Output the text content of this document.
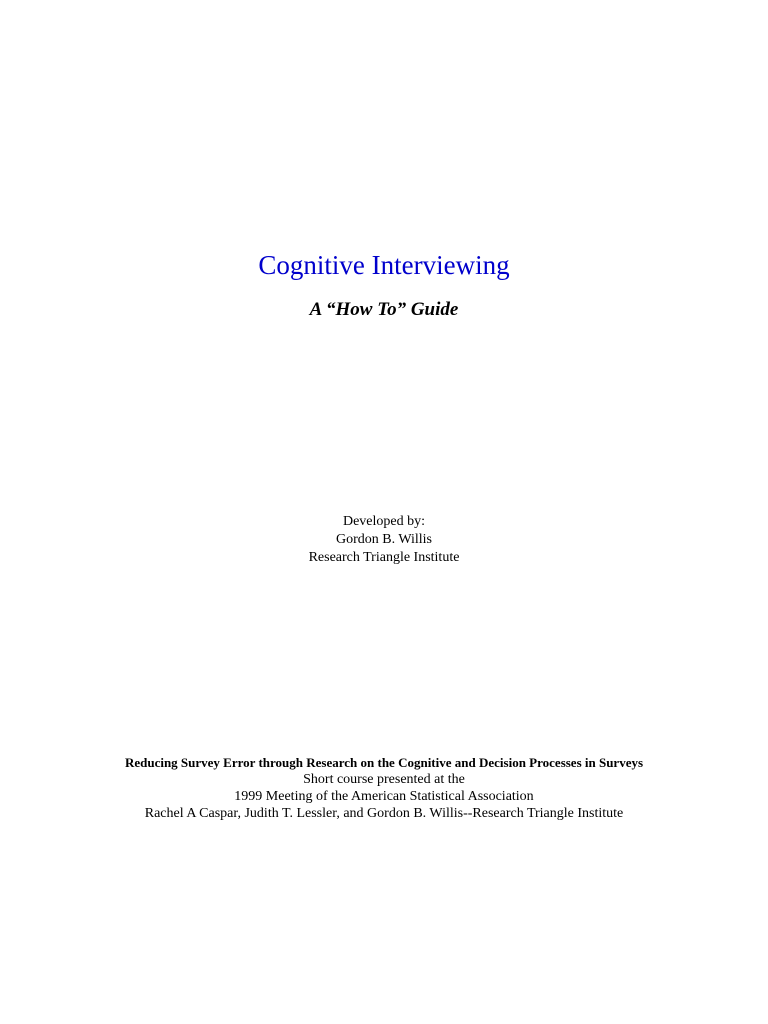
Cognitive Interviewing
A “How To” Guide
Developed by:
Gordon B. Willis
Research Triangle Institute
Reducing Survey Error through Research on the Cognitive and Decision Processes in Surveys
Short course presented at the
1999 Meeting of the American Statistical Association
Rachel A Caspar, Judith T. Lessler, and Gordon B. Willis--Research Triangle Institute
